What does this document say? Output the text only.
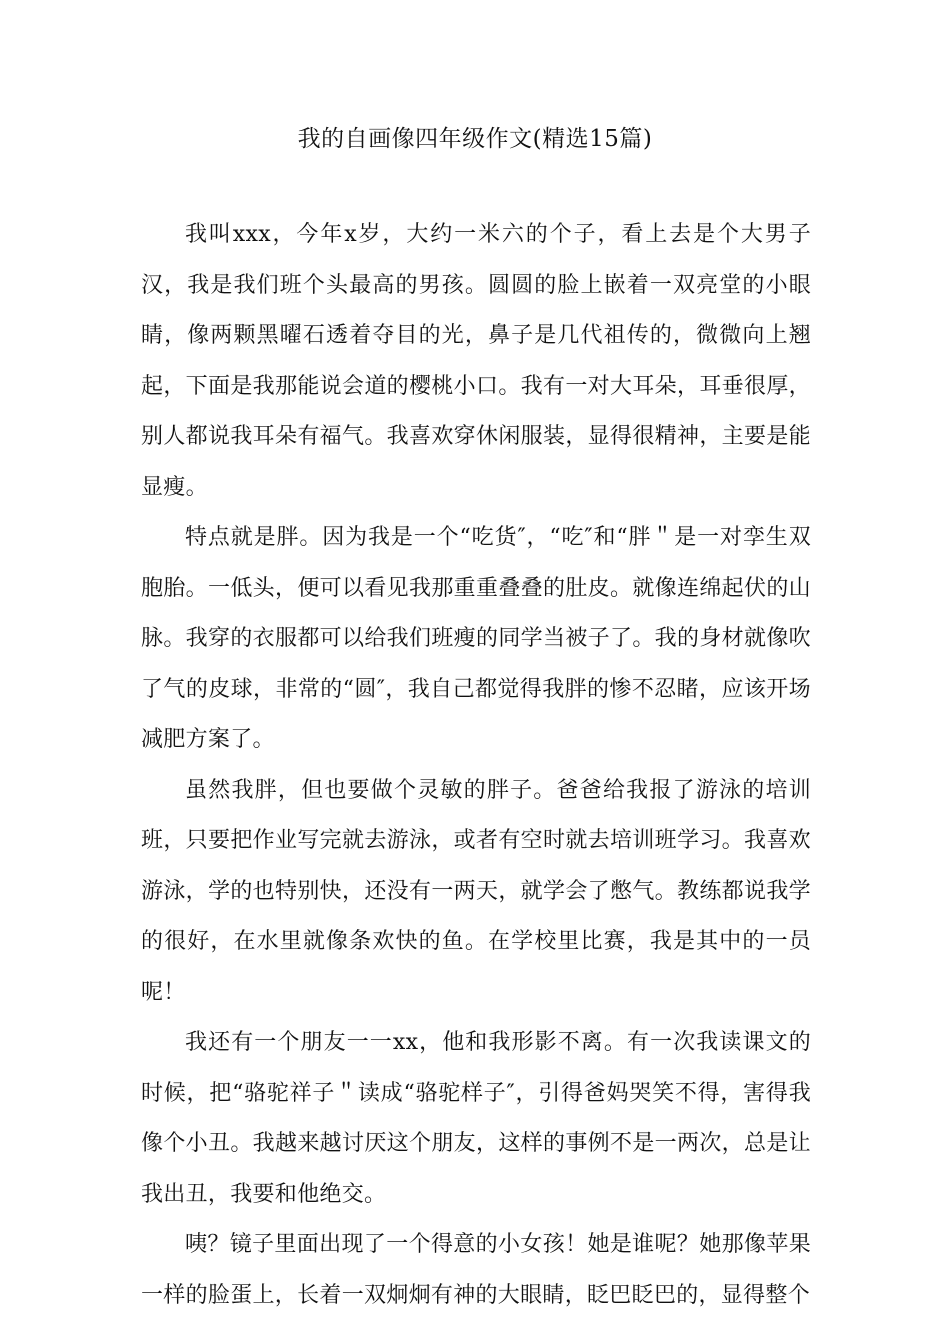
我的自画像四年级作文(精选15篇)

我叫xxx，今年x岁，大约一米六的个子，看上去是个大男子汉，我是我们班个头最高的男孩。圆圆的脸上嵌着一双亮堂的小眼睛，像两颗黑曜石透着夺目的光，鼻子是几代祖传的，微微向上翘起，下面是我那能说会道的樱桃小口。我有一对大耳朵，耳垂很厚，别人都说我耳朵有福气。我喜欢穿休闲服装，显得很精神，主要是能显瘦。

特点就是胖。因为我是一个“吃货″，“吃″和“胖＂是一对孪生双胞胎。一低头，便可以看见我那重重叠叠的肚皮。就像连绵起伏的山脉。我穿的衣服都可以给我们班瘦的同学当被子了。我的身材就像吹了气的皮球，非常的“圆″，我自己都觉得我胖的惨不忍睹，应该开场减肥方案了。

虽然我胖，但也要做个灵敏的胖子。爸爸给我报了游泳的培训班，只要把作业写完就去游泳，或者有空时就去培训班学习。我喜欢游泳，学的也特别快，还没有一两天，就学会了憋气。教练都说我学的很好，在水里就像条欢快的鱼。在学校里比赛，我是其中的一员呢！

我还有一个朋友一一xx，他和我形影不离。有一次我读课文的时候，把“骆驼祥子＂读成“骆驼样子″，引得爸妈哭笑不得，害得我像个小丑。我越来越讨厌这个朋友，这样的事例不是一两次，总是让我出丑，我要和他绝交。

咦？镜子里面出现了一个得意的小女孩！她是谁呢？她那像苹果一样的脸蛋上，长着一双炯炯有神的大眼睛，眨巴眨巴的，显得整个
